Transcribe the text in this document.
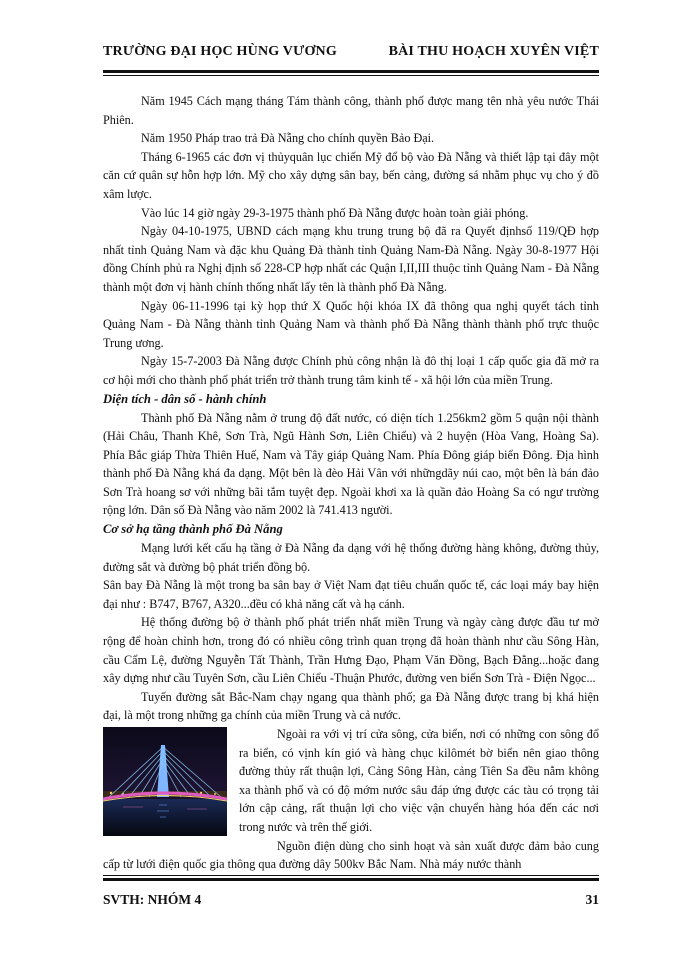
TRƯỜNG ĐẠI HỌC HÙNG VƯƠNG	BÀI THU HOẠCH XUYÊN VIỆT

Năm 1945 Cách mạng tháng Tám thành công, thành phố được mang tên nhà yêu nước Thái Phiên.

Năm 1950 Pháp trao trả Đà Nẵng cho chính quyền Bảo Đại.

Tháng 6-1965 các đơn vị thủyquân lục chiến Mỹ đổ bộ vào Đà Nẵng và thiết lập tại đây một căn cứ quân sự hỗn hợp lớn. Mỹ cho xây dựng sân bay, bến cảng, đường sá nhằm phục vụ cho ý đồ xâm lược.

Vào lúc 14 giờ ngày 29-3-1975 thành phố Đà Nẵng được hoàn toàn giải phóng.

Ngày 04-10-1975, UBND cách mạng khu trung trung bộ đã ra Quyết địnhsố 119/QĐ hợp nhất tỉnh Quảng Nam và đặc khu Quảng Đà thành tỉnh Quảng Nam-Đà Nẵng. Ngày 30-8-1977 Hội đồng Chính phủ ra Nghị định số 228-CP hợp nhất các Quận I,II,III thuộc tỉnh Quảng Nam - Đà Nẵng thành một đơn vị hành chính thống nhất lấy tên là thành phố Đà Nẵng.

Ngày 06-11-1996 tại kỳ họp thứ X Quốc hội khóa IX đã thông qua nghị quyết tách tỉnh Quảng Nam - Đà Nẵng thành tỉnh Quảng Nam và thành phố Đà Nẵng thành thành phố trực thuộc Trung ương.

Ngày 15-7-2003 Đà Nẵng được Chính phủ công nhận là đô thị loại 1 cấp quốc gia đã mở ra cơ hội mới cho thành phố phát triển trở thành trung tâm kinh tế - xã hội lớn của miền Trung.

Diện tích - dân số - hành chính

Thành phố Đà Nẵng nằm ở trung độ đất nước, có diện tích 1.256km2 gồm 5 quận nội thành (Hải Châu, Thanh Khê, Sơn Trà, Ngũ Hành Sơn, Liên Chiểu) và 2 huyện (Hòa Vang, Hoàng Sa). Phía Bắc giáp Thừa Thiên Huế, Nam và Tây giáp Quảng Nam. Phía Đông giáp biển Đông. Địa hình thành phố Đà Nẵng khá đa dạng. Một bên là đèo Hải Vân với nhữngdãy núi cao, một bên là bán đảo Sơn Trà hoang sơ với những bãi tắm tuyệt đẹp. Ngoài khơi xa là quần đảo Hoàng Sa có ngư trường rộng lớn. Dân số Đà Nẵng vào năm 2002 là 741.413 người.

Cơ sở hạ tầng thành phố Đà Nẵng

Mạng lưới kết cấu hạ tầng ở Đà Nẵng đa dạng với hệ thống đường hàng không, đường thủy, đường sắt và đường bộ phát triển đồng bộ.

Sân bay Đà Nẵng là một trong ba sân bay ở Việt Nam đạt tiêu chuẩn quốc tế, các loại máy bay hiện đại như : B747, B767, A320...đều có khả năng cất và hạ cánh.

Hệ thống đường bộ ở thành phố phát triển nhất miền Trung và ngày càng được đầu tư mở rộng để hoàn chỉnh hơn, trong đó có nhiều công trình quan trọng đã hoàn thành như cầu Sông Hàn, cầu Cẩm Lệ, đường Nguyễn Tất Thành, Trần Hưng Đạo, Phạm Văn Đồng, Bạch Đằng...hoặc đang xây dựng như cầu Tuyên Sơn, cầu Liên Chiểu -Thuận Phước, đường ven biển Sơn Trà - Điện Ngọc...

Tuyến đường sắt Bắc-Nam chạy ngang qua thành phố; ga Đà Nẵng được trang bị khá hiện đại, là một trong những ga chính của miền Trung và cả nước.

Ngoài ra với vị trí cửa sông, cửa biển, nơi có những con sông đổ ra biển, có vịnh kín gió và hàng chục kilômét bờ biển nên giao thông đường thủy rất thuận lợi, Cảng Sông Hàn, cảng Tiên Sa đều nằm không xa thành phố và có độ mớm nước sâu đáp ứng được các tàu có trọng tải lớn cập cảng, rất thuận lợi cho việc vận chuyển hàng hóa đến các nơi trong nước và trên thế giới.

Nguồn điện dùng cho sinh hoạt và sản xuất được đảm bảo cung cấp từ lưới điện quốc gia thông qua đường dây 500kv Bắc Nam. Nhà máy nước thành

SVTH: NHÓM 4	31
